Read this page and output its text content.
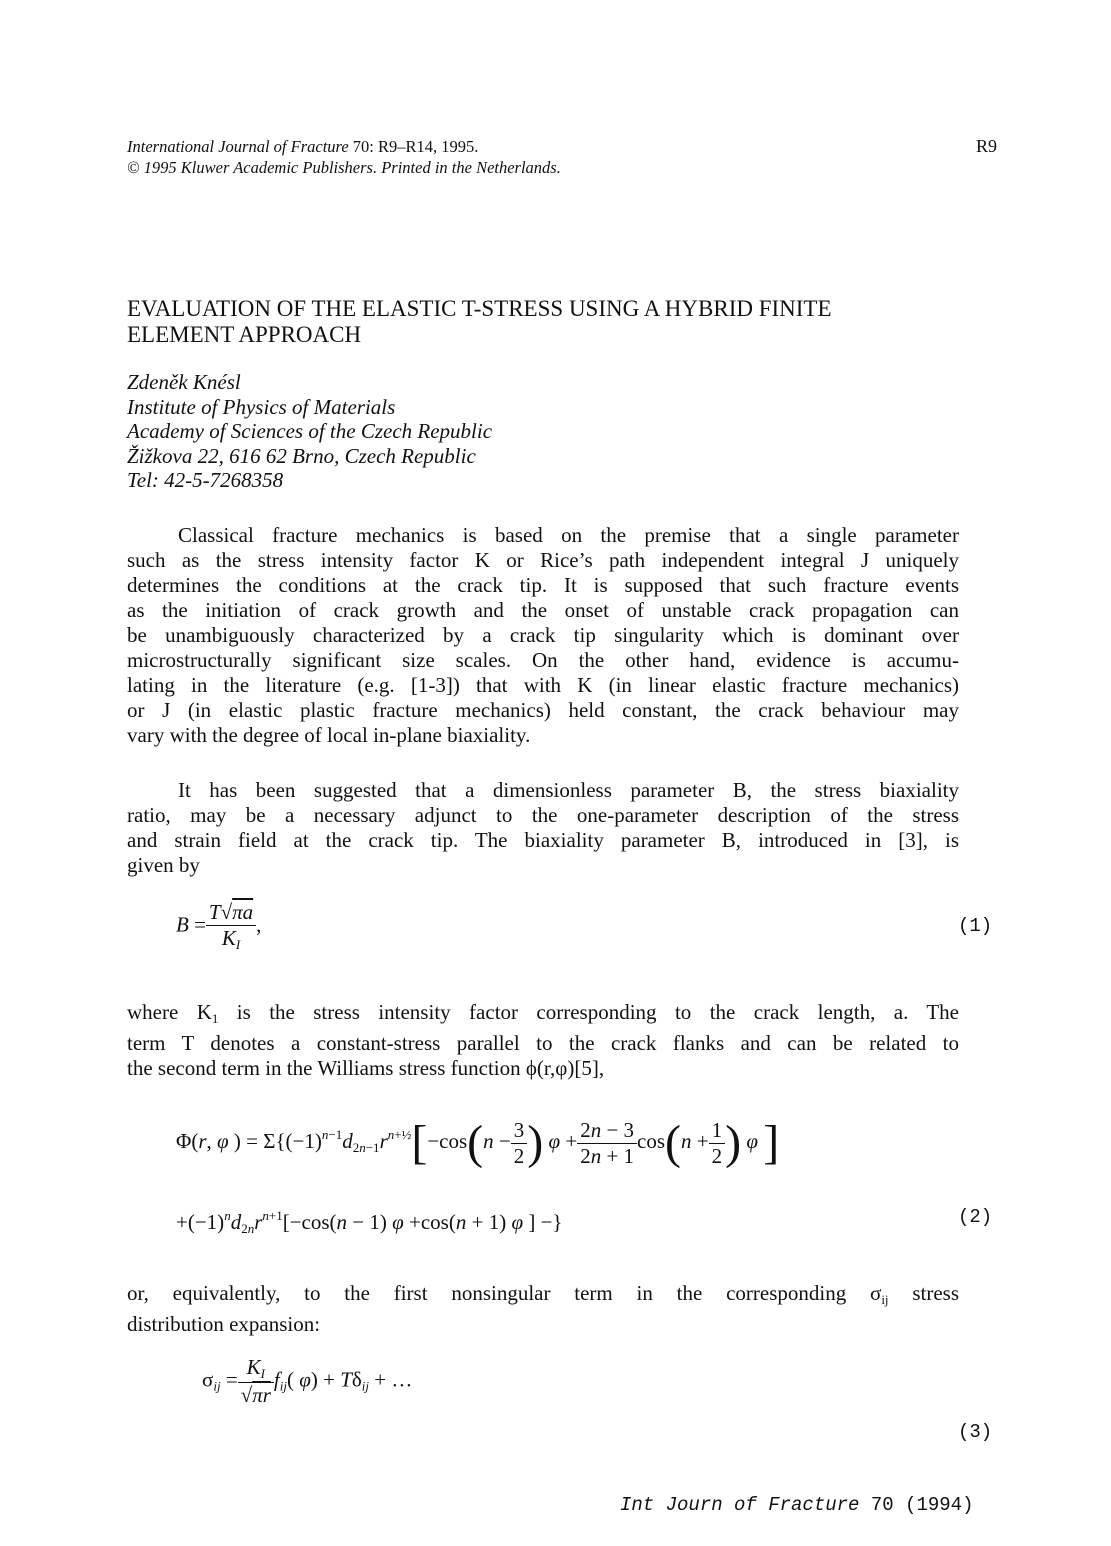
International Journal of Fracture 70: R9–R14, 1995.
© 1995 Kluwer Academic Publishers. Printed in the Netherlands.
R9
EVALUATION OF THE ELASTIC T-STRESS USING A HYBRID FINITE
ELEMENT APPROACH
Zdeněk Knésl
Institute of Physics of Materials
Academy of Sciences of the Czech Republic
Žižkova 22, 616 62 Brno, Czech Republic
Tel: 42-5-7268358
Classical fracture mechanics is based on the premise that a single parameter
such as the stress intensity factor K or Rice’s path independent integral J uniquely
determines the conditions at the crack tip. It is supposed that such fracture events
as the initiation of crack growth and the onset of unstable crack propagation can
be unambiguously characterized by a crack tip singularity which is dominant over
microstructurally significant size scales. On the other hand, evidence is accumu-
lating in the literature (e.g. [1-3]) that with K (in linear elastic fracture mechanics)
or J (in elastic plastic fracture mechanics) held constant, the crack behaviour may
vary with the degree of local in-plane biaxiality.
It has been suggested that a dimensionless parameter B, the stress biaxiality
ratio, may be a necessary adjunct to the one-parameter description of the stress
and strain field at the crack tip. The biaxiality parameter B, introduced in [3], is
given by
$B = \frac{T√\pi a}{K_I}$ ,	(1)
where $K_1$ is the stress intensity factor corresponding to the crack length, a. The
term T denotes a constant-stress parallel to the crack flanks and can be related to
the second term in the Williams stress function ϕ(r,φ)[5],
Φ(r, φ ) = $\Sigma\{(-1)^{n-1}d_{2n-1}r^{n+\frac{1}{2}}[-\cos(n - \frac{3}{2}$ ) $\varphi + \frac{2n - 3}{2n + 1} \cos(n + \frac{1}{2}$ ) φ ]
$+(-1)^nd_{2n}r^{n+1}[-\cos(n - 1)$ φ +cos(n + 1) φ ] −}	(2)
or, equivalently, to the first nonsingular term in the corresponding $\sigma_{ij}$ stress
distribution expansion:
$\sigma_{ij} = \frac{K_I}{√\pi r} f_{ij}$( $\varphi) + T\delta_{ij}$ + …
(3)
Int Journ of Fracture 70 (1994)
